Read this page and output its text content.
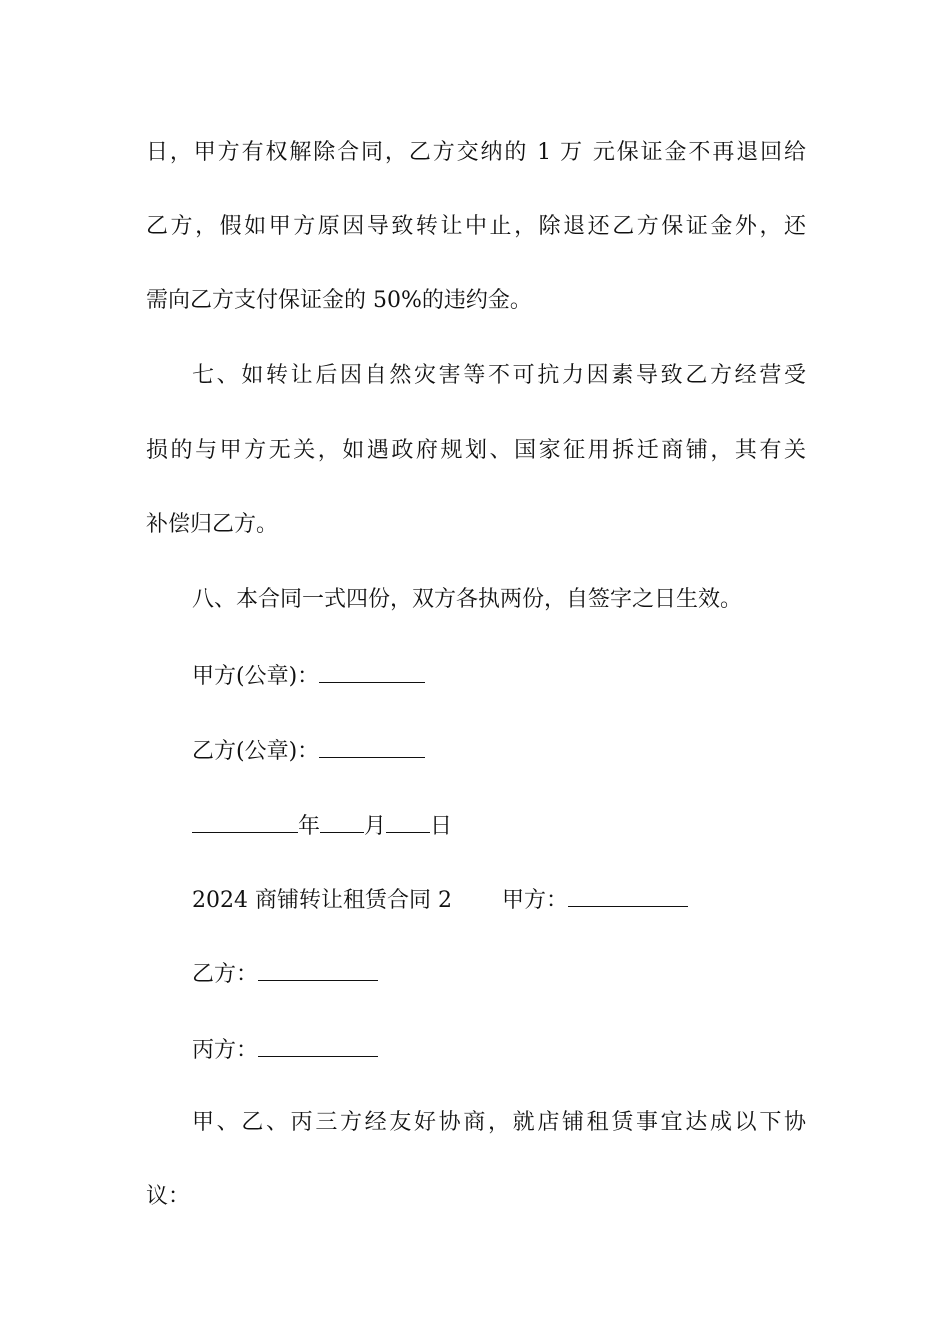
日，甲方有权解除合同，乙方交纳的 1 万 元保证金不再退回给
乙方，假如甲方原因导致转让中止，除退还乙方保证金外，还
需向乙方支付保证金的 50%的违约金。
七、如转让后因自然灾害等不可抗力因素导致乙方经营受
损的与甲方无关，如遇政府规划、国家征用拆迁商铺，其有关
补偿归乙方。
八、本合同一式四份，双方各执两份，自签字之日生效。
甲方(公章)：
乙方(公章)：
年 月 日
2024 商铺转让租赁合同 2 甲方：
乙方：
丙方：
甲、乙、丙三方经友好协商，就店铺租赁事宜达成以下协
议：
